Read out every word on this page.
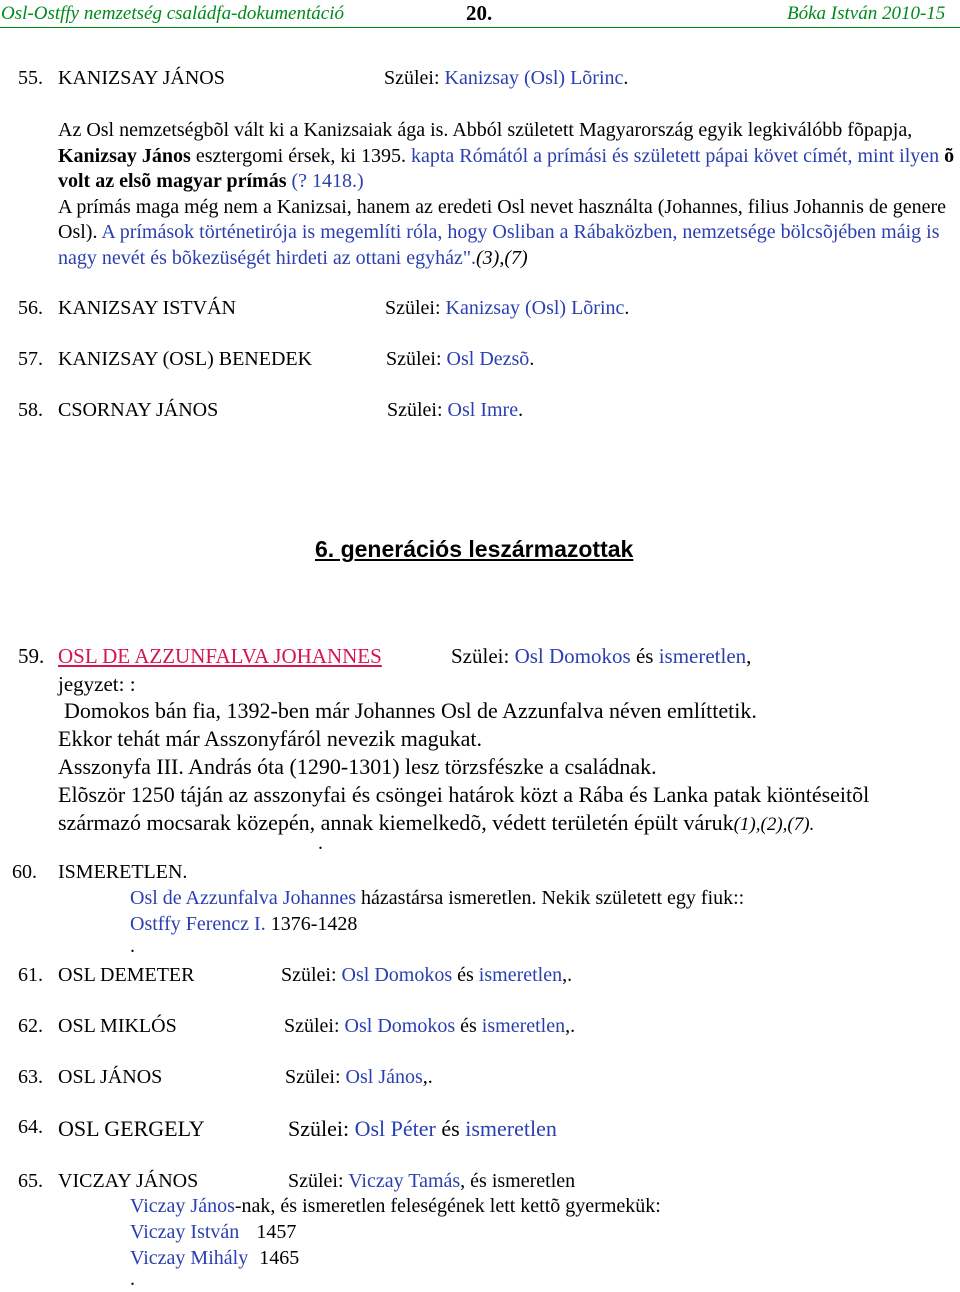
Osl-Ostffy nemzetség családfa-dokumentáció	20.	Bóka István 2010-15
55. KANIZSAY JÁNOS	Szülei: Kanizsay (Osl) Lõrinc.
Az Osl nemzetségbõl vált ki a Kanizsaiak ága is. Abból született Magyarország egyik legkiválóbb fõpapja, Kanizsay János esztergomi érsek, ki 1395. kapta Rómától a prímási és született pápai követ címét, mint ilyen õ volt az elsõ magyar prímás (? 1418.)
A prímás maga még nem a Kanizsai, hanem az eredeti Osl nevet használta (Johannes, filius Johannis de genere Osl). A prímások történetirója is megemlíti róla, hogy Osliban a Rábaközben, nemzetsége bölcsõjében máig is nagy nevét és bõkezüségét hirdeti az ottani egyház".(3),(7)
56. KANIZSAY ISTVÁN	Szülei: Kanizsay (Osl) Lõrinc.
57. KANIZSAY (OSL) BENEDEK	Szülei: Osl Dezsõ.
58. CSORNAY JÁNOS	Szülei: Osl Imre.
6. generációs leszármazottak
59. OSL DE AZZUNFALVA JOHANNES	Szülei: Osl Domokos és ismeretlen,
jegyzet: :
Domokos bán fia, 1392-ben már Johannes Osl de Azzunfalva néven említtetik.
Ekkor tehát már Asszonyfáról nevezik magukat.
Asszonyfa III. András óta (1290-1301) lesz törzsfészke a családnak.
Elõször 1250 táján az asszonyfai és csöngei határok közt a Rába és Lanka patak kiöntéseitõl
származó mocsarak közepén, annak kiemelkedõ, védett területén épült váruk(1),(2),(7).
.
60. ISMERETLEN.
Osl de Azzunfalva Johannes házastársa ismeretlen. Nekik született egy fiuk::
Ostffy Ferencz I. 1376-1428
.
61. OSL DEMETER	Szülei: Osl Domokos és ismeretlen,.
62. OSL MIKLÓS	Szülei: Osl Domokos és ismeretlen,.
63. OSL JÁNOS	Szülei: Osl János,.
64. OSL GERGELY	Szülei: Osl Péter és ismeretlen
65. VICZAY JÁNOS	Szülei: Viczay Tamás, és ismeretlen
Viczay János-nak, és ismeretlen feleségének lett kettõ gyermekük:
Viczay István 1457
Viczay Mihály 1465
.
